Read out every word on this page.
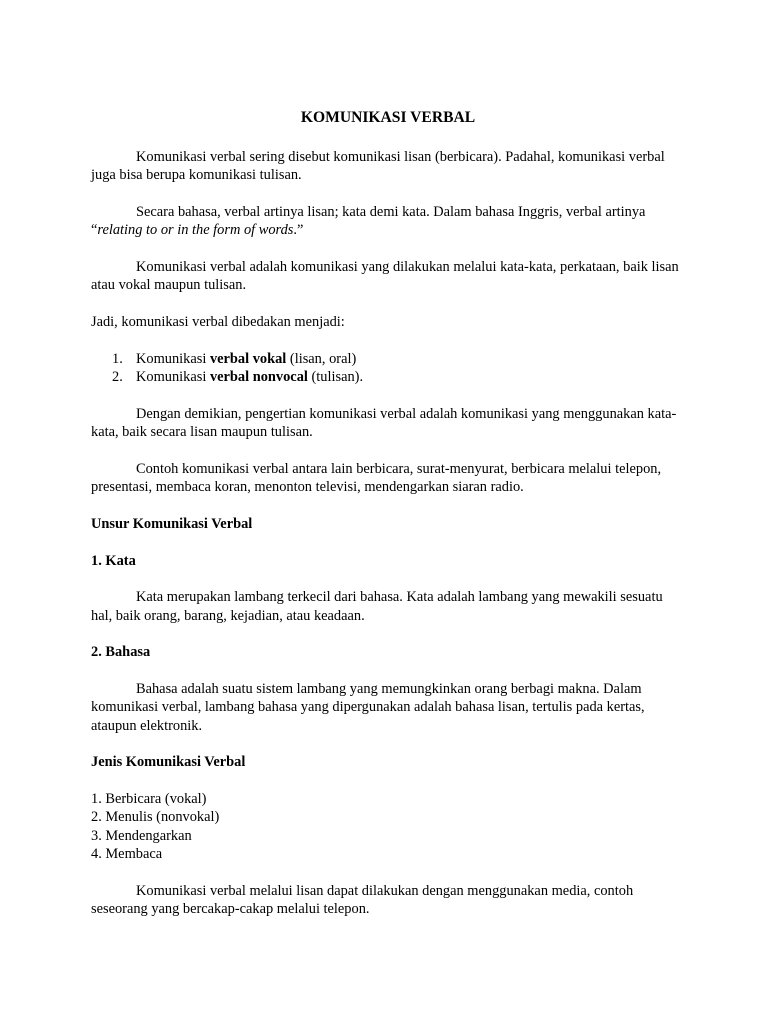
KOMUNIKASI VERBAL

Komunikasi verbal sering disebut komunikasi lisan (berbicara). Padahal, komunikasi verbal juga bisa berupa komunikasi tulisan.

Secara bahasa, verbal artinya lisan; kata demi kata. Dalam bahasa Inggris, verbal artinya “relating to or in the form of words.”

Komunikasi verbal adalah komunikasi yang dilakukan melalui kata-kata, perkataan, baik lisan atau vokal maupun tulisan.

Jadi, komunikasi verbal dibedakan menjadi:

1. Komunikasi verbal vokal (lisan, oral)
2. Komunikasi verbal nonvocal (tulisan).

Dengan demikian, pengertian komunikasi verbal adalah komunikasi yang menggunakan kata-kata, baik secara lisan maupun tulisan.

Contoh komunikasi verbal antara lain berbicara, surat-menyurat, berbicara melalui telepon, presentasi, membaca koran, menonton televisi, mendengarkan siaran radio.

Unsur Komunikasi Verbal

1. Kata

Kata merupakan lambang terkecil dari bahasa. Kata adalah lambang yang mewakili sesuatu hal, baik orang, barang, kejadian, atau keadaan.

2. Bahasa

Bahasa adalah suatu sistem lambang yang memungkinkan orang berbagi makna. Dalam komunikasi verbal, lambang bahasa yang dipergunakan adalah bahasa lisan, tertulis pada kertas, ataupun elektronik.

Jenis Komunikasi Verbal

1. Berbicara (vokal)
2. Menulis (nonvokal)
3. Mendengarkan
4. Membaca

Komunikasi verbal melalui lisan dapat dilakukan dengan menggunakan media, contoh seseorang yang bercakap-cakap melalui telepon.
